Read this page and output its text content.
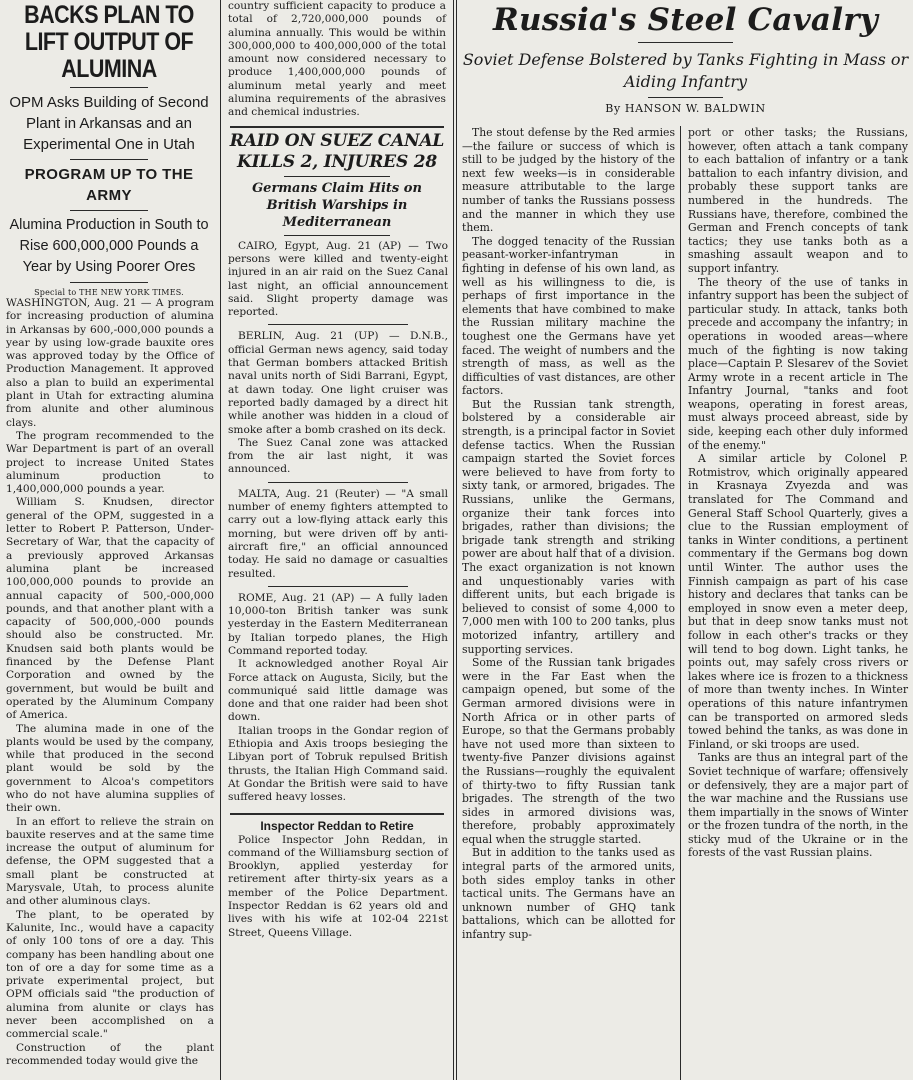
BACKS PLAN TO LIFT OUTPUT OF ALUMINA
OPM Asks Building of Second Plant in Arkansas and an Experimental One in Utah
PROGRAM UP TO THE ARMY
Alumina Production in South to Rise 600,000,000 Pounds a Year by Using Poorer Ores
Special to THE NEW YORK TIMES.

WASHINGTON, Aug. 21 — A program for increasing production of alumina in Arkansas by 600,-000,000 pounds a year by using low-grade bauxite ores was approved today by the Office of Production Management. It approved also a plan to build an experimental plant in Utah for extracting alumina from alunite and other aluminous clays.

The program recommended to the War Department is part of an overall project to increase United States aluminum production to 1,400,000,000 pounds a year.

William S. Knudsen, director general of the OPM, suggested in a letter to Robert P. Patterson, Under-Secretary of War, that the capacity of a previously approved Arkansas alumina plant be increased 100,000,000 pounds to provide an annual capacity of 500,-000,000 pounds, and that another plant with a capacity of 500,000,-000 pounds should also be constructed. Mr. Knudsen said both plants would be financed by the Defense Plant Corporation and owned by the government, but would be built and operated by the Aluminum Company of America.

The alumina made in one of the plants would be used by the company, while that produced in the second plant would be sold by the government to Alcoa's competitors who do not have alumina supplies of their own.

In an effort to relieve the strain on bauxite reserves and at the same time increase the output of aluminum for defense, the OPM suggested that a small plant be constructed at Marysvale, Utah, to process alunite and other aluminous clays.

The plant, to be operated by Kalunite, Inc., would have a capacity of only 100 tons of ore a day. This company has been handling about one ton of ore a day for some time as a private experimental project, but OPM officials said "the production of alumina from alunite or clays has never been accomplished on a commercial scale."

Construction of the plant recommended today would give the

country sufficient capacity to produce a total of 2,720,000,000 pounds of alumina annually. This would be within 300,000,000 to 400,000,000 of the total amount now considered necessary to produce 1,400,000,000 pounds of aluminum metal yearly and meet alumina requirements of the abrasives and chemical industries.
RAID ON SUEZ CANAL KILLS 2, INJURES 28
Germans Claim Hits on British Warships in Mediterranean

CAIRO, Egypt, Aug. 21 (AP) — Two persons were killed and twenty-eight injured in an air raid on the Suez Canal last night, an official announcement said. Slight property damage was reported.

BERLIN, Aug. 21 (UP) — D.N.B., official German news agency, said today that German bombers attacked British naval units north of Sidi Barrani, Egypt, at dawn today. One light cruiser was reported badly damaged by a direct hit while another was hidden in a cloud of smoke after a bomb crashed on its deck.

The Suez Canal zone was attacked from the air last night, it was announced.

MALTA, Aug. 21 (Reuter) — "A small number of enemy fighters attempted to carry out a low-flying attack early this morning, but were driven off by anti-aircraft fire," an official announced today. He said no damage or casualties resulted.

ROME, Aug. 21 (AP) — A fully laden 10,000-ton British tanker was sunk yesterday in the Eastern Mediterranean by Italian torpedo planes, the High Command reported today.

It acknowledged another Royal Air Force attack on Augusta, Sicily, but the communiqué said little damage was done and that one raider had been shot down.

Italian troops in the Gondar region of Ethiopia and Axis troops besieging the Libyan port of Tobruk repulsed British thrusts, the Italian High Command said. At Gondar the British were said to have suffered heavy losses.

Inspector Reddan to Retire

Police Inspector John Reddan, in command of the Williamsburg section of Brooklyn, applied yesterday for retirement after thirty-six years as a member of the Police Department. Inspector Reddan is 62 years old and lives with his wife at 102-04 221st Street, Queens Village.

Russia's Steel Cavalry
Soviet Defense Bolstered by Tanks Fighting in Mass or Aiding Infantry
By HANSON W. BALDWIN

The stout defense by the Red armies—the failure or success of which is still to be judged by the history of the next few weeks—is in considerable measure attributable to the large number of tanks the Russians possess and the manner in which they use them.

The dogged tenacity of the Russian peasant-worker-infantryman in fighting in defense of his own land, as well as his willingness to die, is perhaps of first importance in the elements that have combined to make the Russian military machine the toughest one the Germans have yet faced. The weight of numbers and the strength of mass, as well as the difficulties of vast distances, are other factors.

But the Russian tank strength, bolstered by a considerable air strength, is a principal factor in Soviet defense tactics. When the Russian campaign started the Soviet forces were believed to have from forty to sixty tank, or armored, brigades. The Russians, unlike the Germans, organize their tank forces into brigades, rather than divisions; the brigade tank strength and striking power are about half that of a division. The exact organization is not known and unquestionably varies with different units, but each brigade is believed to consist of some 4,000 to 7,000 men with 100 to 200 tanks, plus motorized infantry, artillery and supporting services.

Some of the Russian tank brigades were in the Far East when the campaign opened, but some of the German armored divisions were in North Africa or in other parts of Europe, so that the Germans probably have not used more than sixteen to twenty-five Panzer divisions against the Russians—roughly the equivalent of thirty-two to fifty Russian tank brigades. The strength of the two sides in armored divisions was, therefore, probably approximately equal when the struggle started.

But in addition to the tanks used as integral parts of the armored units, both sides employ tanks in other tactical units. The Germans have an unknown number of GHQ tank battalions, which can be allotted for infantry sup-

port or other tasks; the Russians, however, often attach a tank company to each battalion of infantry or a tank battalion to each infantry division, and probably these support tanks are numbered in the hundreds. The Russians have, therefore, combined the German and French concepts of tank tactics; they use tanks both as a smashing assault weapon and to support infantry.

The theory of the use of tanks in infantry support has been the subject of particular study. In attack, tanks both precede and accompany the infantry; in operations in wooded areas—where much of the fighting is now taking place—Captain P. Slesarev of the Soviet Army wrote in a recent article in The Infantry Journal, "tanks and foot weapons, operating in forest areas, must always proceed abreast, side by side, keeping each other duly informed of the enemy."

A similar article by Colonel P. Rotmistrov, which originally appeared in Krasnaya Zvyezda and was translated for The Command and General Staff School Quarterly, gives a clue to the Russian employment of tanks in Winter conditions, a pertinent commentary if the Germans bog down until Winter. The author uses the Finnish campaign as part of his case history and declares that tanks can be employed in snow even a meter deep, but that in deep snow tanks must not follow in each other's tracks or they will tend to bog down. Light tanks, he points out, may safely cross rivers or lakes where ice is frozen to a thickness of more than twenty inches. In Winter operations of this nature infantrymen can be transported on armored sleds towed behind the tanks, as was done in Finland, or ski troops are used.

Tanks are thus an integral part of the Soviet technique of warfare; offensively or defensively, they are a major part of the war machine and the Russians use them impartially in the snows of Winter or the frozen tundra of the north, in the sticky mud of the Ukraine or in the forests of the vast Russian plains.
